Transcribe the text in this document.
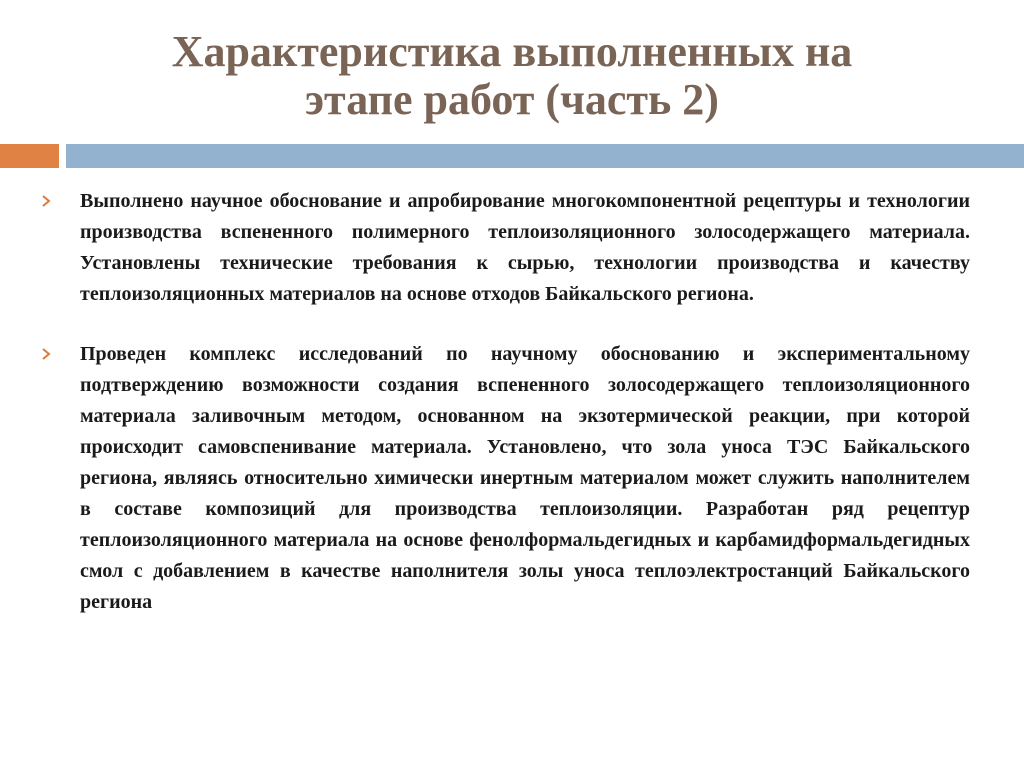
Характеристика выполненных на
этапе работ (часть 2)
Выполнено научное обоснование и апробирование многокомпонентной рецептуры и технологии производства вспененного полимерного теплоизоляционного золосодержащего материала. Установлены технические требования к сырью, технологии производства и качеству теплоизоляционных материалов на основе отходов Байкальского региона.
Проведен комплекс исследований по научному обоснованию и экспериментальному подтверждению возможности создания вспененного золосодержащего теплоизоляционного материала заливочным методом, основанном на экзотермической реакции, при которой происходит самовспенивание материала. Установлено, что зола уноса ТЭС Байкальского региона, являясь относительно химически инертным материалом может служить наполнителем в составе композиций для производства теплоизоляции. Разработан ряд рецептур теплоизоляционного материала на основе фенолформальдегидных и карбамидформальдегидных смол с добавлением в качестве наполнителя золы уноса теплоэлектростанций Байкальского региона
